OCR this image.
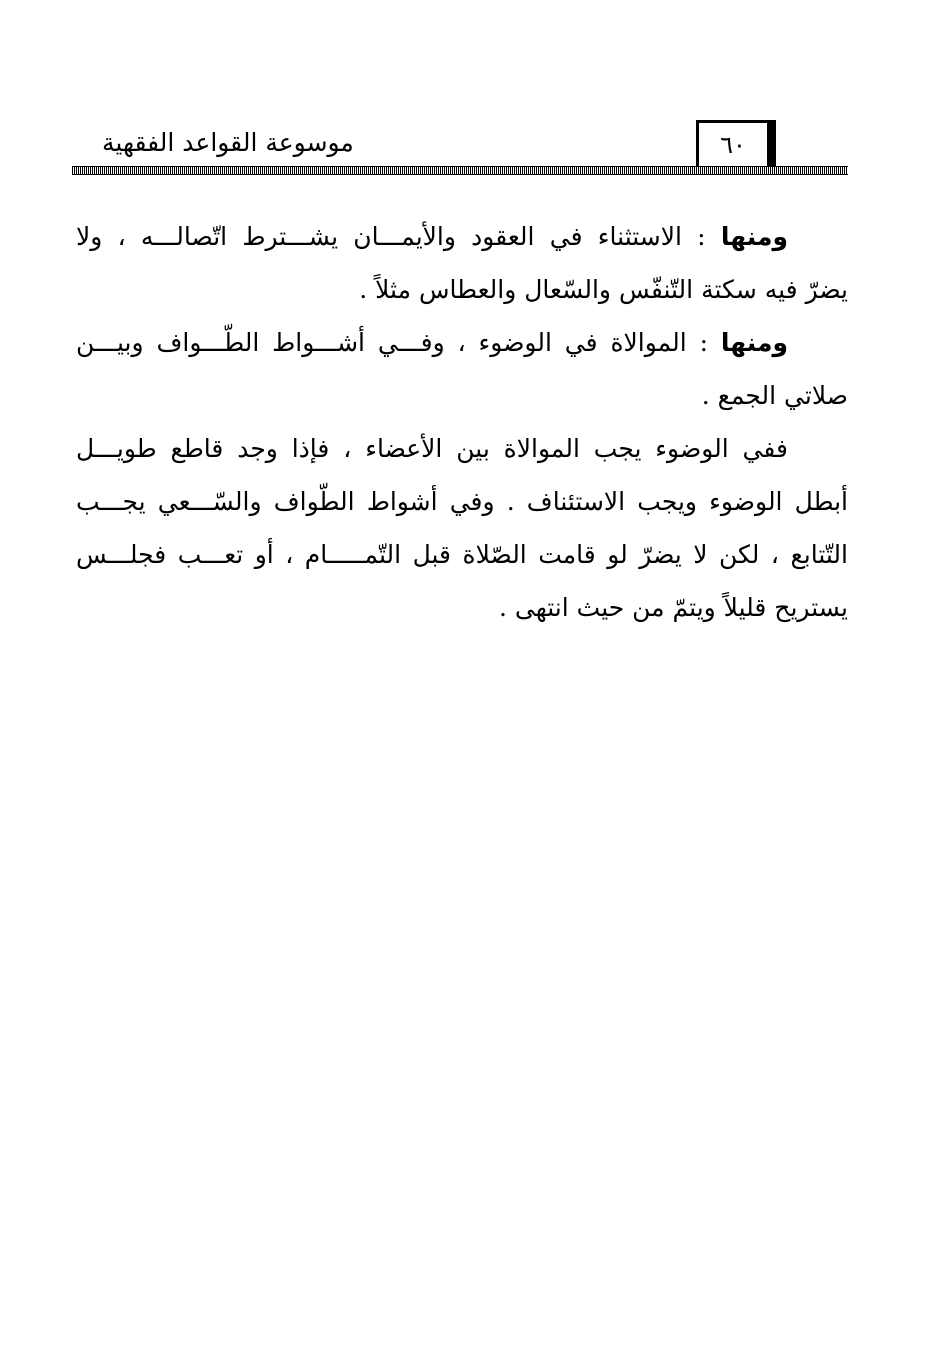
موسوعة القواعد الفقهية	٦٠
ومنها : الاستثناء في العقود والأيمـــان يشـــترط اتّصالـــه ، ولا
يضرّ فيه سكتة التّنفّس والسّعال والعطاس مثلاً .
ومنها : الموالاة في الوضوء ، وفـــي أشـــواط الطّـــواف وبيـــن
صلاتي الجمع .
ففي الوضوء يجب الموالاة بين الأعضاء ، فإذا وجد قاطع طويـــل
أبطل الوضوء ويجب الاستئناف . وفي أشواط الطّواف والسّـــعي يجـــب
التّتابع ، لكن لا يضرّ لو قامت الصّلاة قبل التّمـــــام ، أو تعـــب فجلـــس
يستريح قليلاً ويتمّ من حيث انتهى .
